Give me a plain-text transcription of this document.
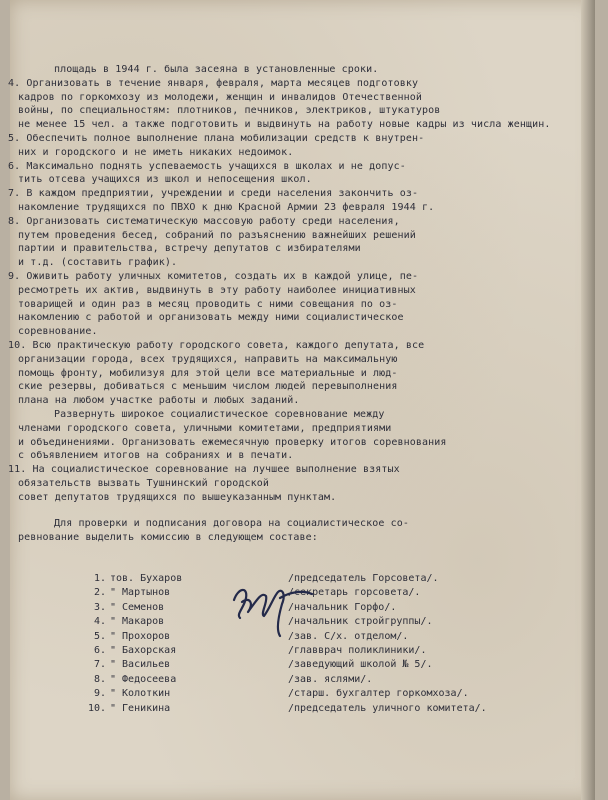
площадь в 1944 г. была засеяна в установленные сроки.
4. Организовать в течение января, февраля, марта месяцев подготовку
кадров по горкомхозу из молодежи, женщин и инвалидов Отечественной
войны, по специальностям: плотников, печников, электриков, штукатуров
не менее 15 чел. а также подготовить и выдвинуть на работу новые кадры из числа женщин.
5. Обеспечить полное выполнение плана мобилизации средств к внутрен-
них и городского и не иметь никаких недоимок.
6. Максимально поднять успеваемость учащихся в школах и не допус-
тить отсева учащихся из школ и непосещения школ.
7. В каждом предприятии, учреждении и среди населения закончить оз-
накомление трудящихся по ПВХО к дню Красной Армии 23 февраля 1944 г.
8. Организовать систематическую массовую работу среди населения,
путем проведения бесед, собраний по разъяснению важнейших решений
партии и правительства, встречу депутатов с избирателями
и т.д. (составить график).
9. Оживить работу уличных комитетов, создать их в каждой улице, пе-
ресмотреть их актив, выдвинуть в эту работу наиболее инициативных
товарищей и один раз в месяц проводить с ними совещания по оз-
накомлению с работой и организовать между ними социалистическое
соревнование.
10. Всю практическую работу городского совета, каждого депутата, все
организации города, всех трудящихся, направить на максимальную
помощь фронту, мобилизуя для этой цели все материальные и люд-
ские резервы, добиваться с меньшим числом людей перевыполнения
плана на любом участке работы и любых заданий.
Развернуть широкое социалистическое соревнование между
членами городского совета, уличными комитетами, предприятиями
и объединениями. Организовать ежемесячную проверку итогов соревнования
с объявлением итогов на собраниях и в печати.
11. На социалистическое соревнование на лучшее выполнение взятых
обязательств вызвать Тушнинский городской
совет депутатов трудящихся по вышеуказанным пунктам.
Для проверки и подписания договора на социалистическое со-
ревнование выделить комиссию в следующем составе:
1. тов. Бухаров	/председатель Горсовета/.
2. " Мартынов	/секретарь горсовета/.
3. " Семенов	/начальник Горфо/.
4. " Макаров	/начальник стройгруппы/.
5. " Прохоров	/зав. С/х. отделом/.
6. " Бахорская	/главврач поликлиники/.
7. " Васильев	/заведующий школой № 5/.
8. " Федосеева	/зав. яслями/.
9. " Колоткин	/старш. бухгалтер горкомхоза/.
10. " Геникина	/председатель уличного комитета/.
